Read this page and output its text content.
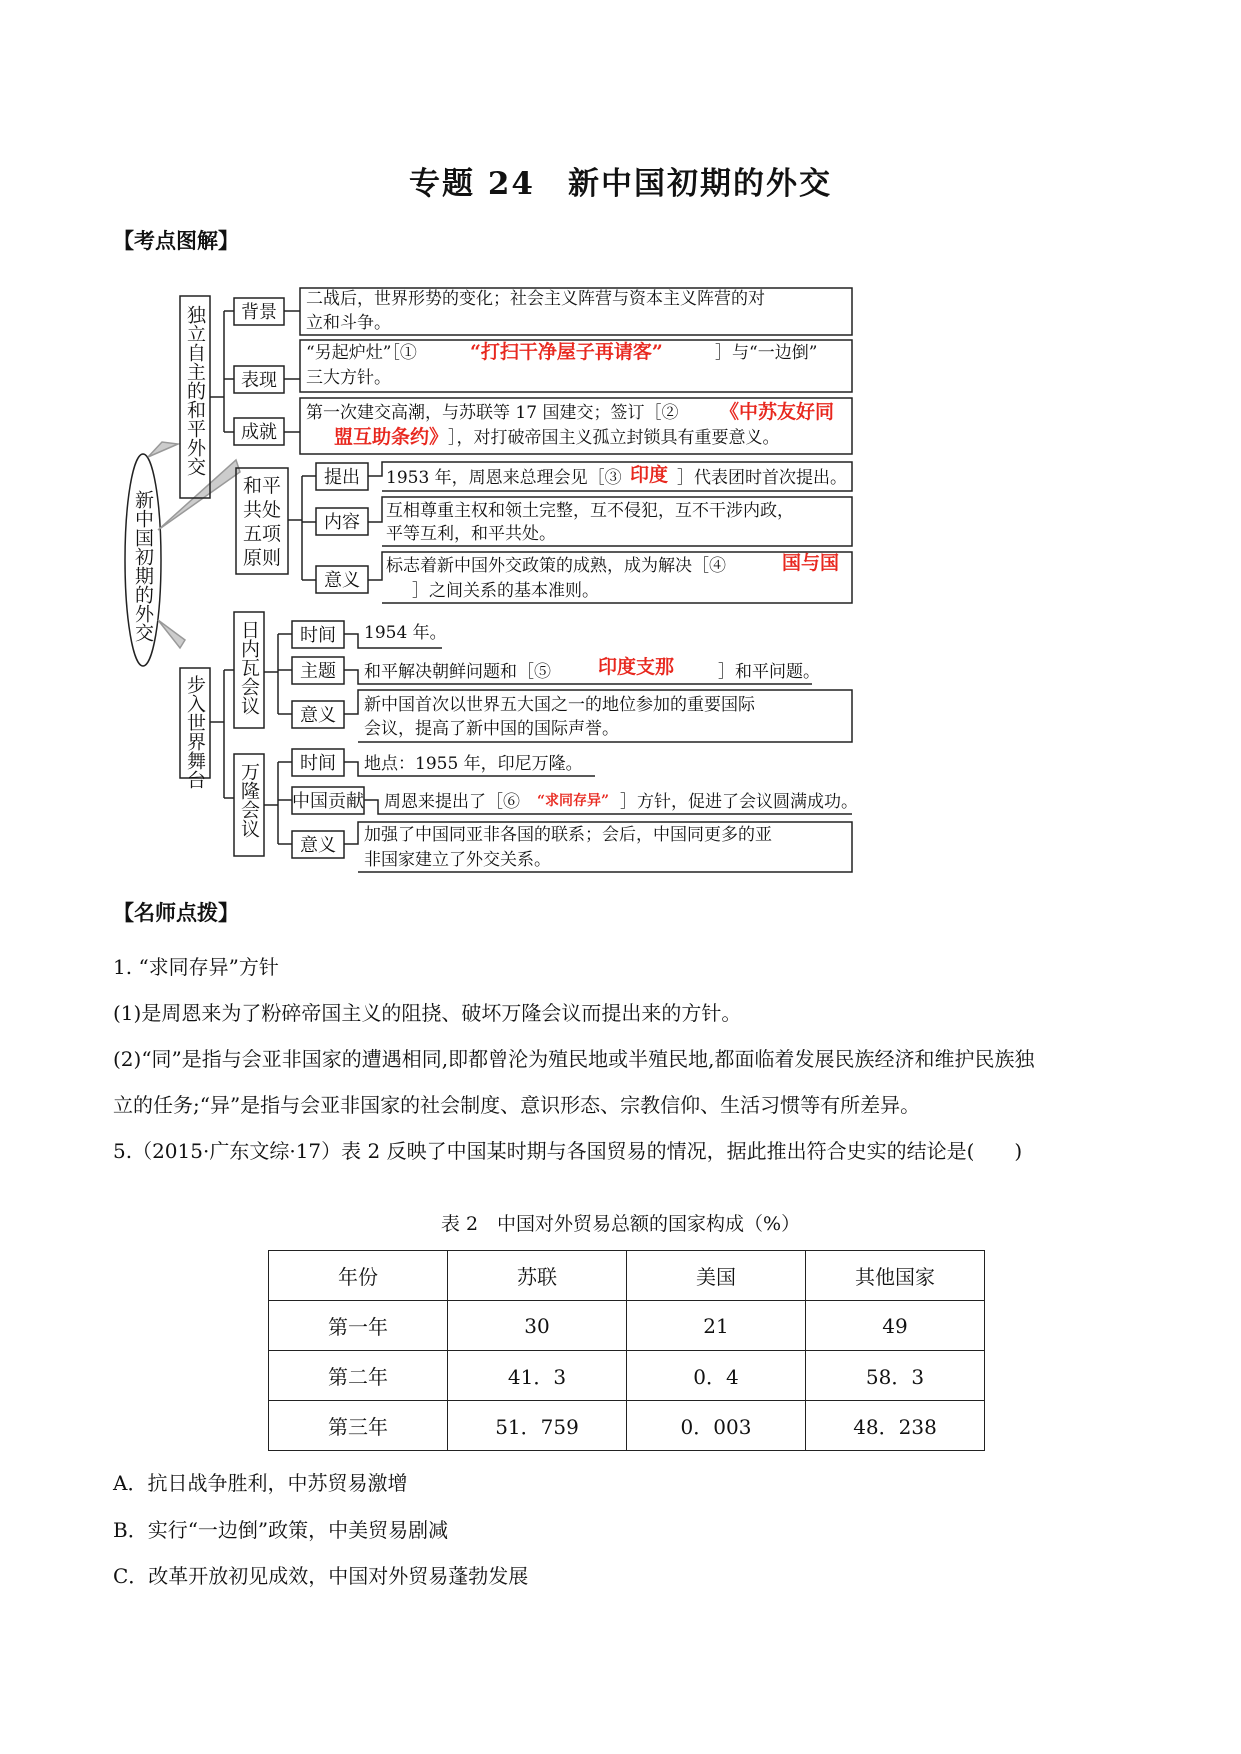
专题 24　新中国初期的外交
【考点图解】
新中国初期的外交
独立自主的和平外交
步入世界舞台
日内瓦会议
万隆会议
和平
共处
五项
原则
背景
表现
成就
提出
内容
意义
时间
主题
意义
时间
中国贡献
意义
二战后，世界形势的变化；社会主义阵营与资本主义阵营的对
立和斗争。
“另起炉灶”［①	“打扫干净屋子再请客”	］与“一边倒”
三大方针。
第一次建交高潮，与苏联等 17 国建交；签订［② 《中苏友好同
盟互助条约》 ］，对打破帝国主义孤立封锁具有重要意义。
1953 年，周恩来总理会见［③ 印度 ］代表团时首次提出。
互相尊重主权和领土完整，互不侵犯，互不干涉内政，
平等互利，和平共处。
标志着新中国外交政策的成熟，成为解决［④	国与国
］之间关系的基本准则。
1954 年。
和平解决朝鲜问题和［⑤ 印度支那	］和平问题。
新中国首次以世界五大国之一的地位参加的重要国际
会议，提高了新中国的国际声誉。
地点：1955 年，印尼万隆。
周恩来提出了［⑥ “求同存异” ］方针，促进了会议圆满成功。
加强了中国同亚非各国的联系；会后，中国同更多的亚
非国家建立了外交关系。
【名师点拨】
1. “求同存异”方针
(1)是周恩来为了粉碎帝国主义的阻挠、破坏万隆会议而提出来的方针。
(2)“同”是指与会亚非国家的遭遇相同,即都曾沦为殖民地或半殖民地,都面临着发展民族经济和维护民族独
立的任务;“异”是指与会亚非国家的社会制度、意识形态、宗教信仰、生活习惯等有所差异。
5.（2015·广东文综·17）表 2 反映了中国某时期与各国贸易的情况，据此推出符合史实的结论是(　　)
表 2　中国对外贸易总额的国家构成（%）
年份	苏联	美国	其他国家
第一年	30	21	49
第二年	41．3	0．4	58．3
第三年	51．759	0．003	48．238
A．抗日战争胜利，中苏贸易激增
B．实行“一边倒”政策，中美贸易剧减
C．改革开放初见成效，中国对外贸易蓬勃发展
